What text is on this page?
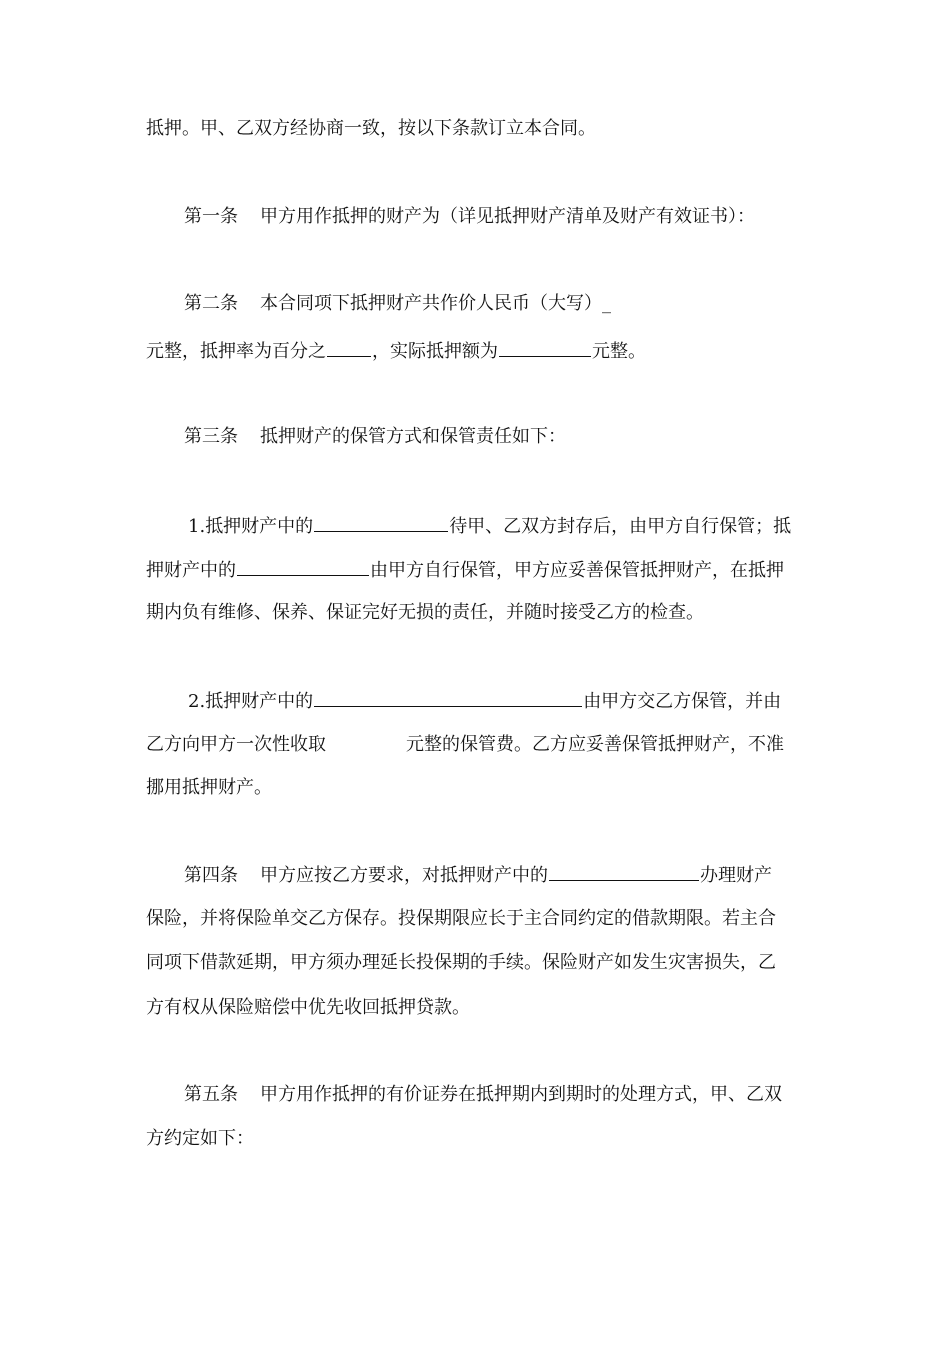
抵押。甲、乙双方经协商一致，按以下条款订立本合同。
第一条 甲方用作抵押的财产为（详见抵押财产清单及财产有效证书）：
第二条 本合同项下抵押财产共作价人民币（大写）_
元整，抵押率为百分之	，实际抵押额为	元整。
第三条 抵押财产的保管方式和保管责任如下：
1.抵押财产中的	待甲、乙双方封存后，由甲方自行保管；抵
押财产中的	由甲方自行保管，甲方应妥善保管抵押财产，在抵押
期内负有维修、保养、保证完好无损的责任，并随时接受乙方的检查。
2.抵押财产中的	由甲方交乙方保管，并由
乙方向甲方一次性收取	元整的保管费。乙方应妥善保管抵押财产，不准
挪用抵押财产。
第四条 甲方应按乙方要求，对抵押财产中的	办理财产
保险，并将保险单交乙方保存。投保期限应长于主合同约定的借款期限。若主合
同项下借款延期，甲方须办理延长投保期的手续。保险财产如发生灾害损失，乙
方有权从保险赔偿中优先收回抵押贷款。
第五条 甲方用作抵押的有价证券在抵押期内到期时的处理方式，甲、乙双
方约定如下：
